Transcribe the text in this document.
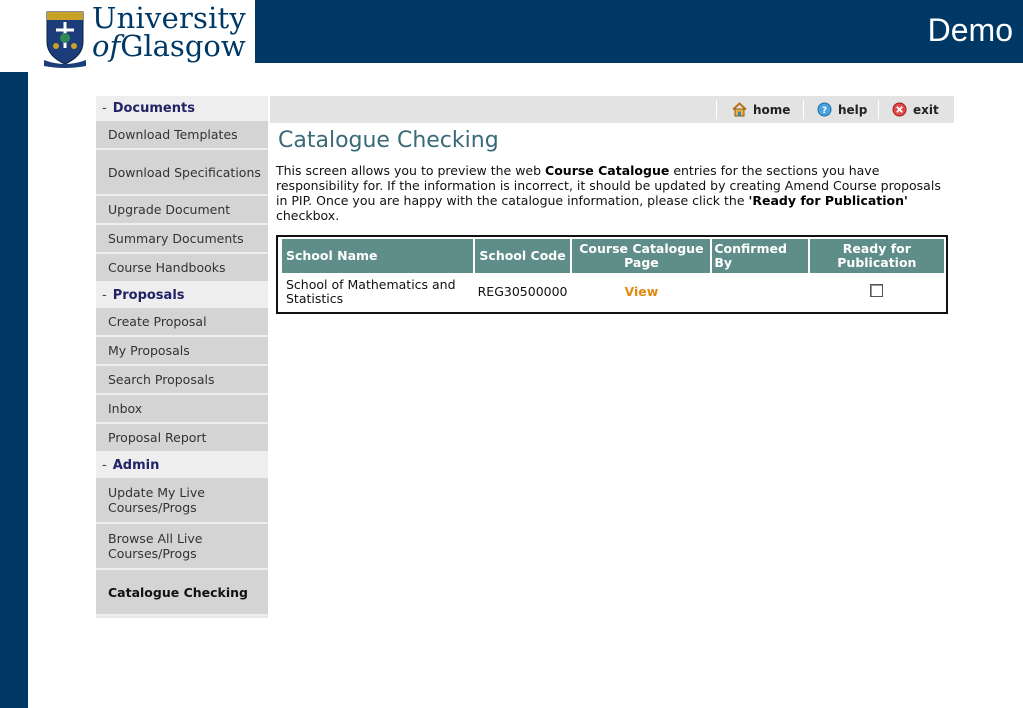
Demo
University
ofGlasgow
- Documents
Download Templates
Download Specifications
Upgrade Document
Summary Documents
Course Handbooks
- Proposals
Create Proposal
My Proposals
Search Proposals
Inbox
Proposal Report
- Admin
Update My Live Courses/Progs
Browse All Live Courses/Progs
Catalogue Checking
home	? help	exit
Catalogue Checking
This screen allows you to preview the web Course Catalogue entries for the sections you have responsibility for. If the information is incorrect, it should be updated by creating Amend Course proposals in PIP. Once you are happy with the catalogue information, please click the 'Ready for Publication' checkbox.
School Name	School Code	Course Catalogue Page	Confirmed By	Ready for Publication
School of Mathematics and Statistics	REG30500000	View		
